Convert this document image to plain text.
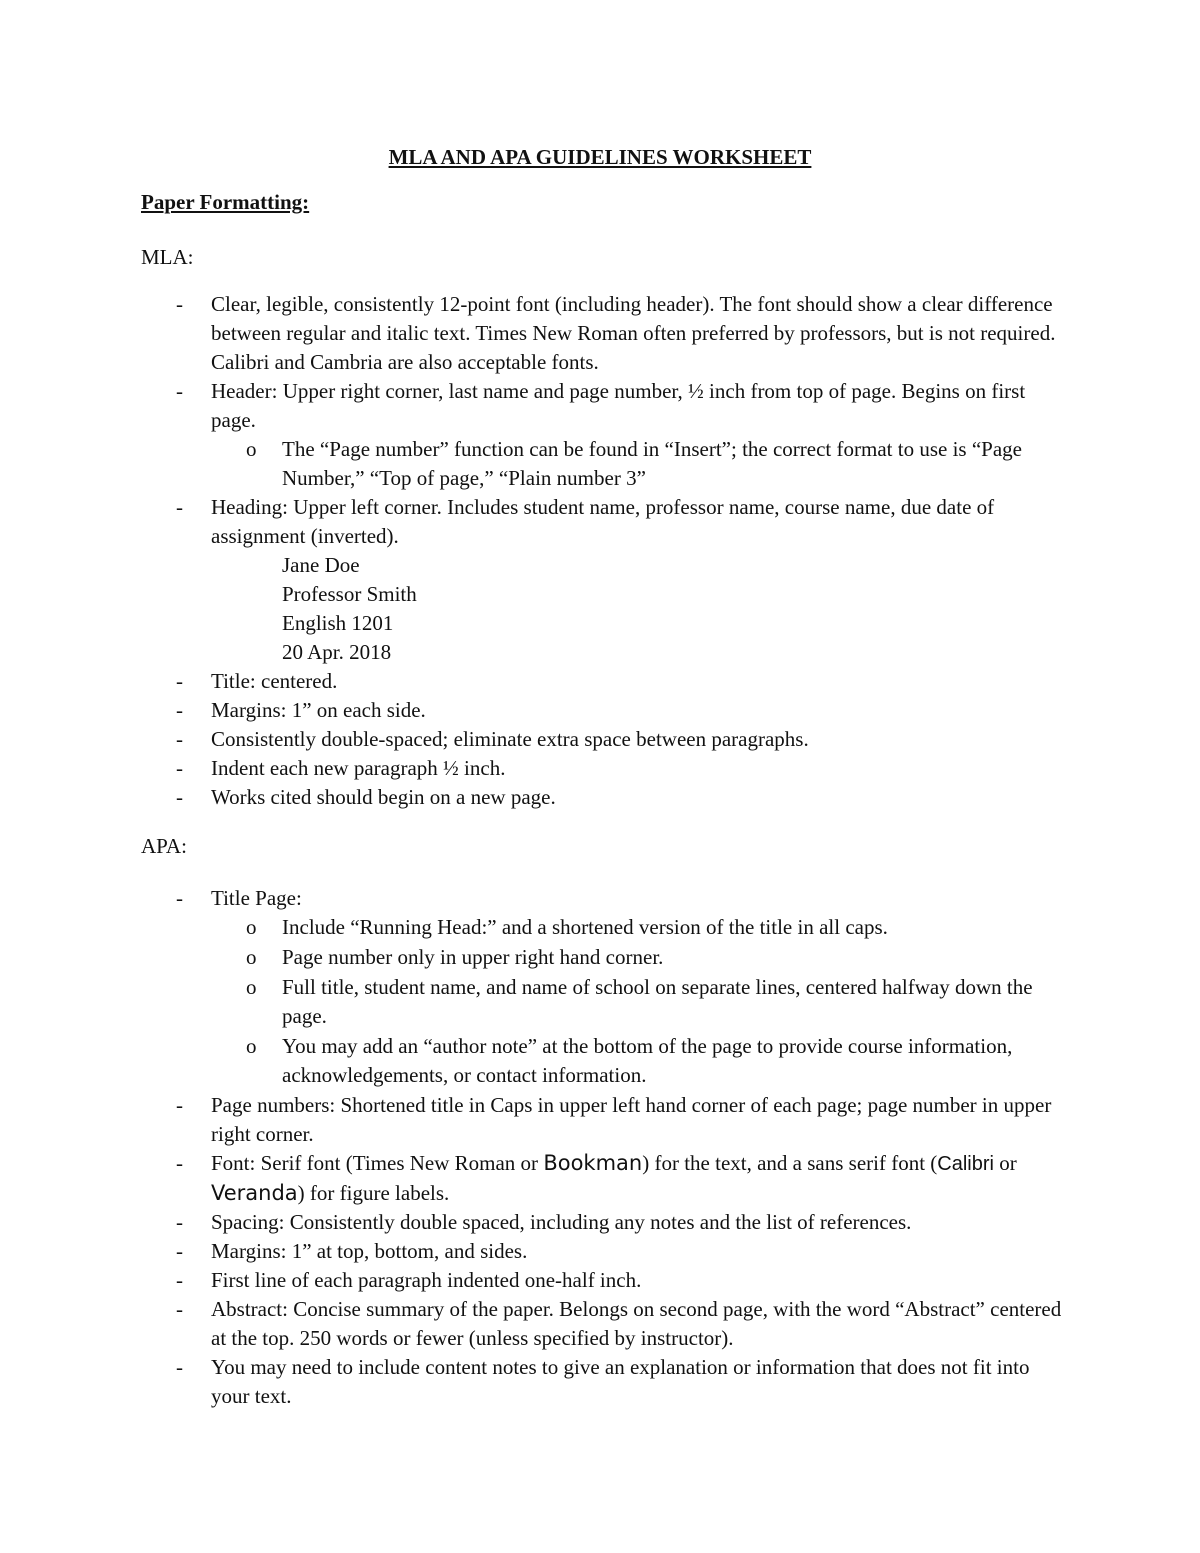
MLA AND APA GUIDELINES WORKSHEET
Paper Formatting:
MLA:
- Clear, legible, consistently 12-point font (including header). The font should show a clear difference between regular and italic text. Times New Roman often preferred by professors, but is not required. Calibri and Cambria are also acceptable fonts.
- Header: Upper right corner, last name and page number, ½ inch from top of page. Begins on first page.
o The “Page number” function can be found in “Insert”; the correct format to use is “Page Number,” “Top of page,” “Plain number 3”
- Heading: Upper left corner. Includes student name, professor name, course name, due date of assignment (inverted).
Jane Doe
Professor Smith
English 1201
20 Apr. 2018
- Title: centered.
- Margins: 1” on each side.
- Consistently double-spaced; eliminate extra space between paragraphs.
- Indent each new paragraph ½ inch.
- Works cited should begin on a new page.
APA:
- Title Page:
o Include “Running Head:” and a shortened version of the title in all caps.
o Page number only in upper right hand corner.
o Full title, student name, and name of school on separate lines, centered halfway down the page.
o You may add an “author note” at the bottom of the page to provide course information, acknowledgements, or contact information.
- Page numbers: Shortened title in Caps in upper left hand corner of each page; page number in upper right corner.
- Font: Serif font (Times New Roman or Bookman) for the text, and a sans serif font (Calibri or Veranda) for figure labels.
- Spacing: Consistently double spaced, including any notes and the list of references.
- Margins: 1” at top, bottom, and sides.
- First line of each paragraph indented one-half inch.
- Abstract: Concise summary of the paper. Belongs on second page, with the word “Abstract” centered at the top. 250 words or fewer (unless specified by instructor).
- You may need to include content notes to give an explanation or information that does not fit into your text.
